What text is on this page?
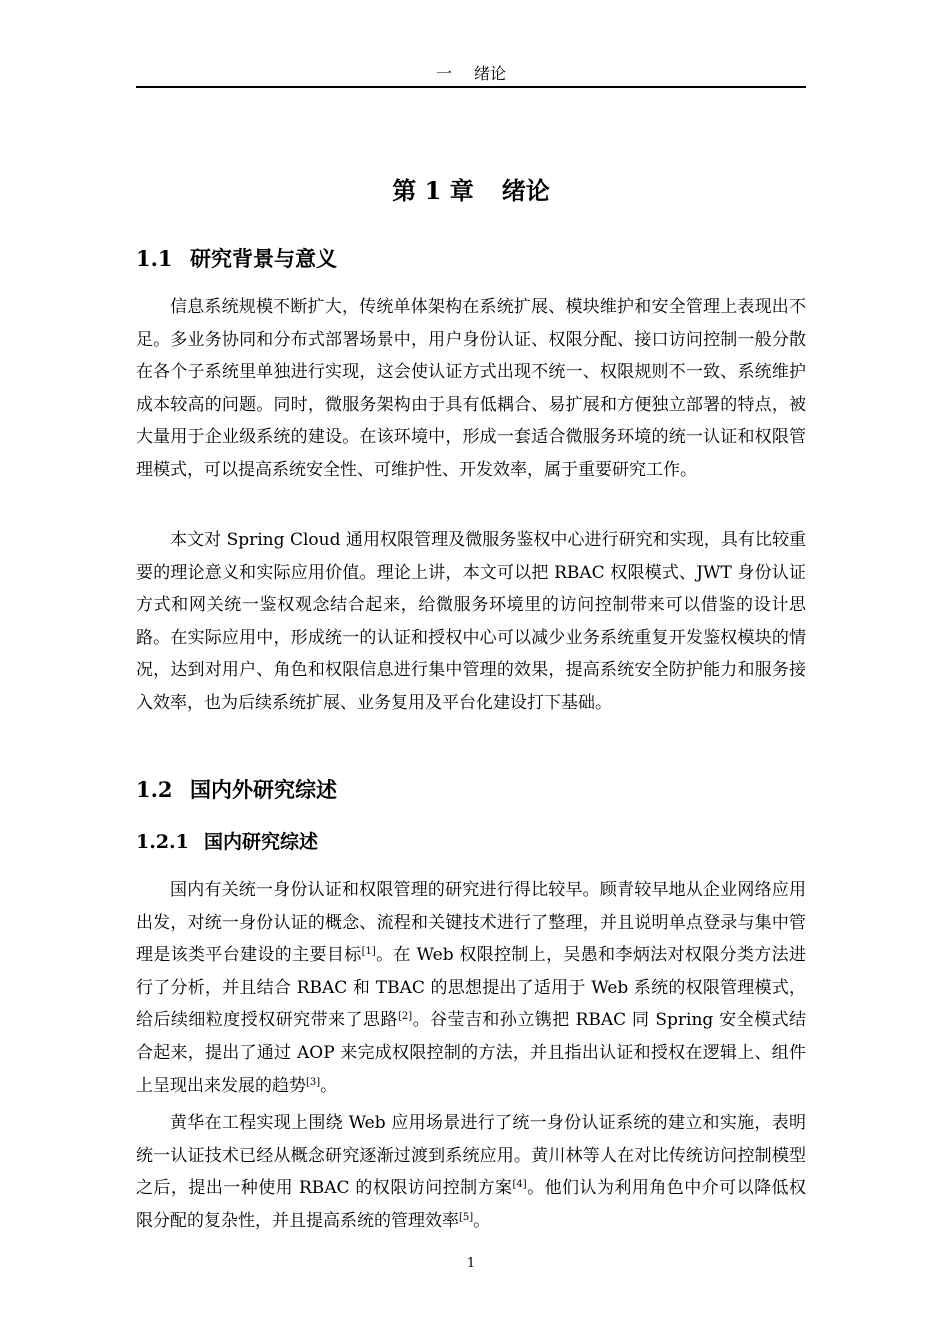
一 绪论
第 1 章 绪论
1.1 研究背景与意义

信息系统规模不断扩大，传统单体架构在系统扩展、模块维护和安全管理上表现出不足。多业务协同和分布式部署场景中，用户身份认证、权限分配、接口访问控制一般分散在各个子系统里单独进行实现，这会使认证方式出现不统一、权限规则不一致、系统维护成本较高的问题。同时，微服务架构由于具有低耦合、易扩展和方便独立部署的特点，被大量用于企业级系统的建设。在该环境中，形成一套适合微服务环境的统一认证和权限管理模式，可以提高系统安全性、可维护性、开发效率，属于重要研究工作。

本文对 Spring Cloud 通用权限管理及微服务鉴权中心进行研究和实现，具有比较重要的理论意义和实际应用价值。理论上讲，本文可以把 RBAC 权限模式、JWT 身份认证方式和网关统一鉴权观念结合起来，给微服务环境里的访问控制带来可以借鉴的设计思路。在实际应用中，形成统一的认证和授权中心可以减少业务系统重复开发鉴权模块的情况，达到对用户、角色和权限信息进行集中管理的效果，提高系统安全防护能力和服务接入效率，也为后续系统扩展、业务复用及平台化建设打下基础。

1.2 国内外研究综述
1.2.1 国内研究综述

国内有关统一身份认证和权限管理的研究进行得比较早。顾青较早地从企业网络应用出发，对统一身份认证的概念、流程和关键技术进行了整理，并且说明单点登录与集中管理是该类平台建设的主要目标[1]。在 Web 权限控制上，吴愚和李炳法对权限分类方法进行了分析，并且结合 RBAC 和 TBAC 的思想提出了适用于 Web 系统的权限管理模式，给后续细粒度授权研究带来了思路[2]。谷莹吉和孙立镌把 RBAC 同 Spring 安全模式结合起来，提出了通过 AOP 来完成权限控制的方法，并且指出认证和授权在逻辑上、组件上呈现出来发展的趋势[3]。

黄华在工程实现上围绕 Web 应用场景进行了统一身份认证系统的建立和实施，表明统一认证技术已经从概念研究逐渐过渡到系统应用。黄川林等人在对比传统访问控制模型之后，提出一种使用 RBAC 的权限访问控制方案[4]。他们认为利用角色中介可以降低权限分配的复杂性，并且提高系统的管理效率[5]。

1
